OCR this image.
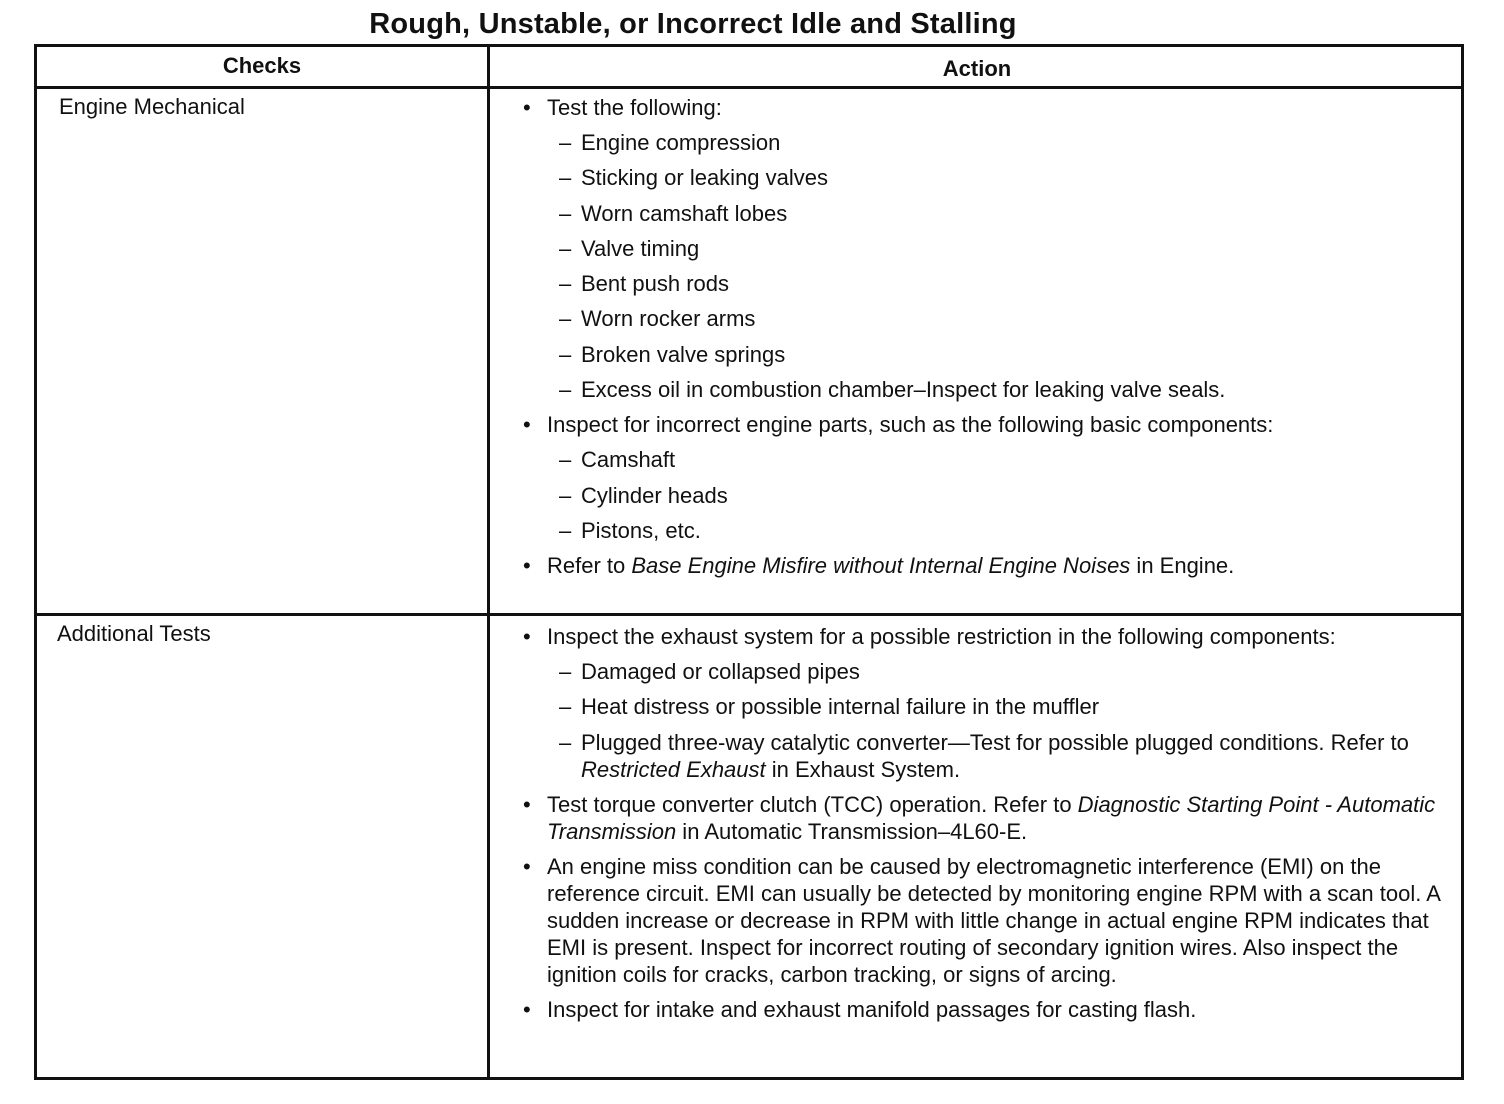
Rough, Unstable, or Incorrect Idle and Stalling
Checks	Action
Engine Mechanical	• Test the following:
– Engine compression
– Sticking or leaking valves
– Worn camshaft lobes
– Valve timing
– Bent push rods
– Worn rocker arms
– Broken valve springs
– Excess oil in combustion chamber–Inspect for leaking valve seals.
• Inspect for incorrect engine parts, such as the following basic components:
– Camshaft
– Cylinder heads
– Pistons, etc.
• Refer to Base Engine Misfire without Internal Engine Noises in Engine.
Additional Tests	• Inspect the exhaust system for a possible restriction in the following components:
– Damaged or collapsed pipes
– Heat distress or possible internal failure in the muffler
– Plugged three-way catalytic converter—Test for possible plugged conditions. Refer to Restricted Exhaust in Exhaust System.
• Test torque converter clutch (TCC) operation. Refer to Diagnostic Starting Point - Automatic Transmission in Automatic Transmission–4L60-E.
• An engine miss condition can be caused by electromagnetic interference (EMI) on the reference circuit. EMI can usually be detected by monitoring engine RPM with a scan tool. A sudden increase or decrease in RPM with little change in actual engine RPM indicates that EMI is present. Inspect for incorrect routing of secondary ignition wires. Also inspect the ignition coils for cracks, carbon tracking, or signs of arcing.
• Inspect for intake and exhaust manifold passages for casting flash.
